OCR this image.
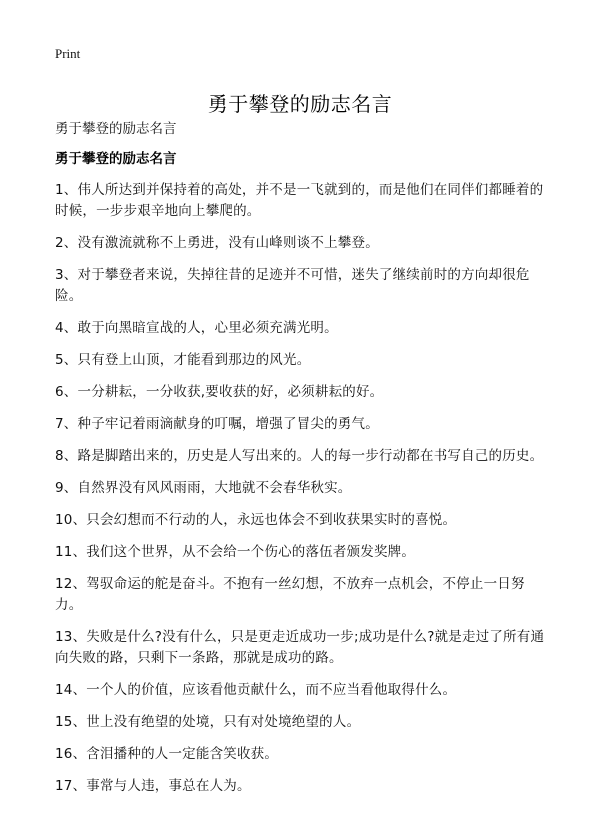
Print
勇于攀登的励志名言
勇于攀登的励志名言
勇于攀登的励志名言
1、伟人所达到并保持着的高处，并不是一飞就到的，而是他们在同伴们都睡着的时候，一步步艰辛地向上攀爬的。
2、没有激流就称不上勇进，没有山峰则谈不上攀登。
3、对于攀登者来说，失掉往昔的足迹并不可惜，迷失了继续前时的方向却很危险。
4、敢于向黑暗宣战的人，心里必须充满光明。
5、只有登上山顶，才能看到那边的风光。
6、一分耕耘，一分收获,要收获的好，必须耕耘的好。
7、种子牢记着雨滴献身的叮嘱，增强了冒尖的勇气。
8、路是脚踏出来的，历史是人写出来的。人的每一步行动都在书写自己的历史。
9、自然界没有风风雨雨，大地就不会春华秋实。
10、只会幻想而不行动的人，永远也体会不到收获果实时的喜悦。
11、我们这个世界，从不会给一个伤心的落伍者颁发奖牌。
12、驾驭命运的舵是奋斗。不抱有一丝幻想，不放弃一点机会，不停止一日努力。
13、失败是什么?没有什么，只是更走近成功一步;成功是什么?就是走过了所有通向失败的路，只剩下一条路，那就是成功的路。
14、一个人的价值，应该看他贡献什么，而不应当看他取得什么。
15、世上没有绝望的处境，只有对处境绝望的人。
16、含泪播种的人一定能含笑收获。
17、事常与人违，事总在人为。
